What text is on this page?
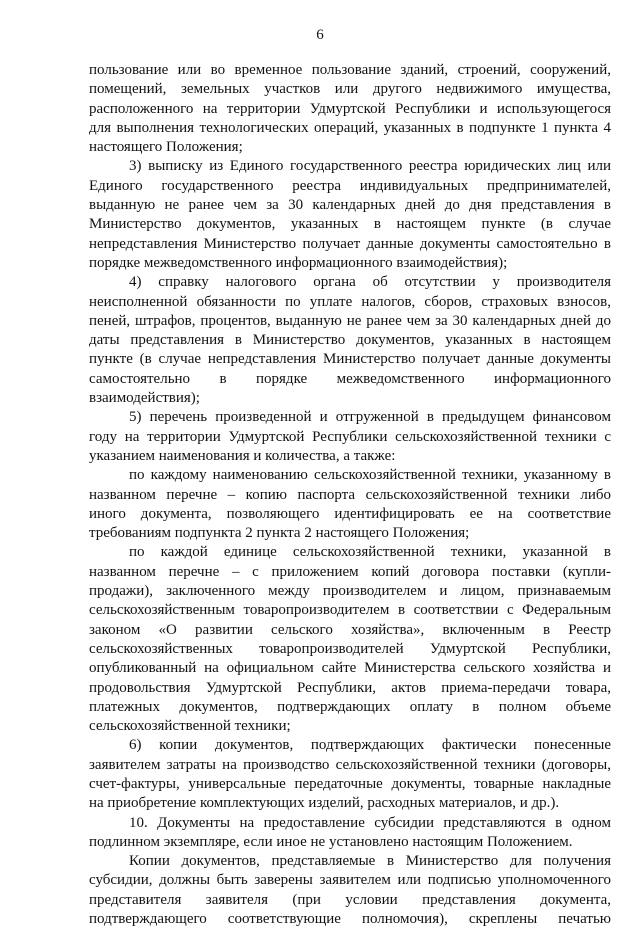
6
пользование или во временное пользование зданий, строений, сооружений,
помещений, земельных участков или другого недвижимого имущества,
расположенного на территории Удмуртской Республики и использующегося
для выполнения технологических операций, указанных в подпункте 1 пункта 4
настоящего Положения;
3) выписку из Единого государственного реестра юридических лиц или
Единого государственного реестра индивидуальных предпринимателей,
выданную не ранее чем за 30 календарных дней до дня представления в
Министерство документов, указанных в настоящем пункте (в случае
непредставления Министерство получает данные документы самостоятельно в
порядке межведомственного информационного взаимодействия);
4) справку налогового органа об отсутствии у производителя
неисполненной обязанности по уплате налогов, сборов, страховых взносов,
пеней, штрафов, процентов, выданную не ранее чем за 30 календарных дней до
даты представления в Министерство документов, указанных в настоящем
пункте (в случае непредставления Министерство получает данные документы
самостоятельно в порядке межведомственного информационного
взаимодействия);
5) перечень произведенной и отгруженной в предыдущем финансовом
году на территории Удмуртской Республики сельскохозяйственной техники с
указанием наименования и количества, а также:
по каждому наименованию сельскохозяйственной техники, указанному в
названном перечне – копию паспорта сельскохозяйственной техники либо
иного документа, позволяющего идентифицировать ее на соответствие
требованиям подпункта 2 пункта 2 настоящего Положения;
по каждой единице сельскохозяйственной техники, указанной в
названном перечне – с приложением копий договора поставки (купли-
продажи), заключенного между производителем и лицом, признаваемым
сельскохозяйственным товаропроизводителем в соответствии с Федеральным
законом «О развитии сельского хозяйства», включенным в Реестр
сельскохозяйственных товаропроизводителей Удмуртской Республики,
опубликованный на официальном сайте Министерства сельского хозяйства и
продовольствия Удмуртской Республики, актов приема-передачи товара,
платежных документов, подтверждающих оплату в полном объеме
сельскохозяйственной техники;
6) копии документов, подтверждающих фактически понесенные
заявителем затраты на производство сельскохозяйственной техники (договоры,
счет-фактуры, универсальные передаточные документы, товарные накладные
на приобретение комплектующих изделий, расходных материалов, и др.).
10. Документы на предоставление субсидии представляются в одном
подлинном экземпляре, если иное не установлено настоящим Положением.
Копии документов, представляемые в Министерство для получения
субсидии, должны быть заверены заявителем или подписью уполномоченного
представителя заявителя (при условии представления документа,
подтверждающего соответствующие полномочия), скреплены печатью
